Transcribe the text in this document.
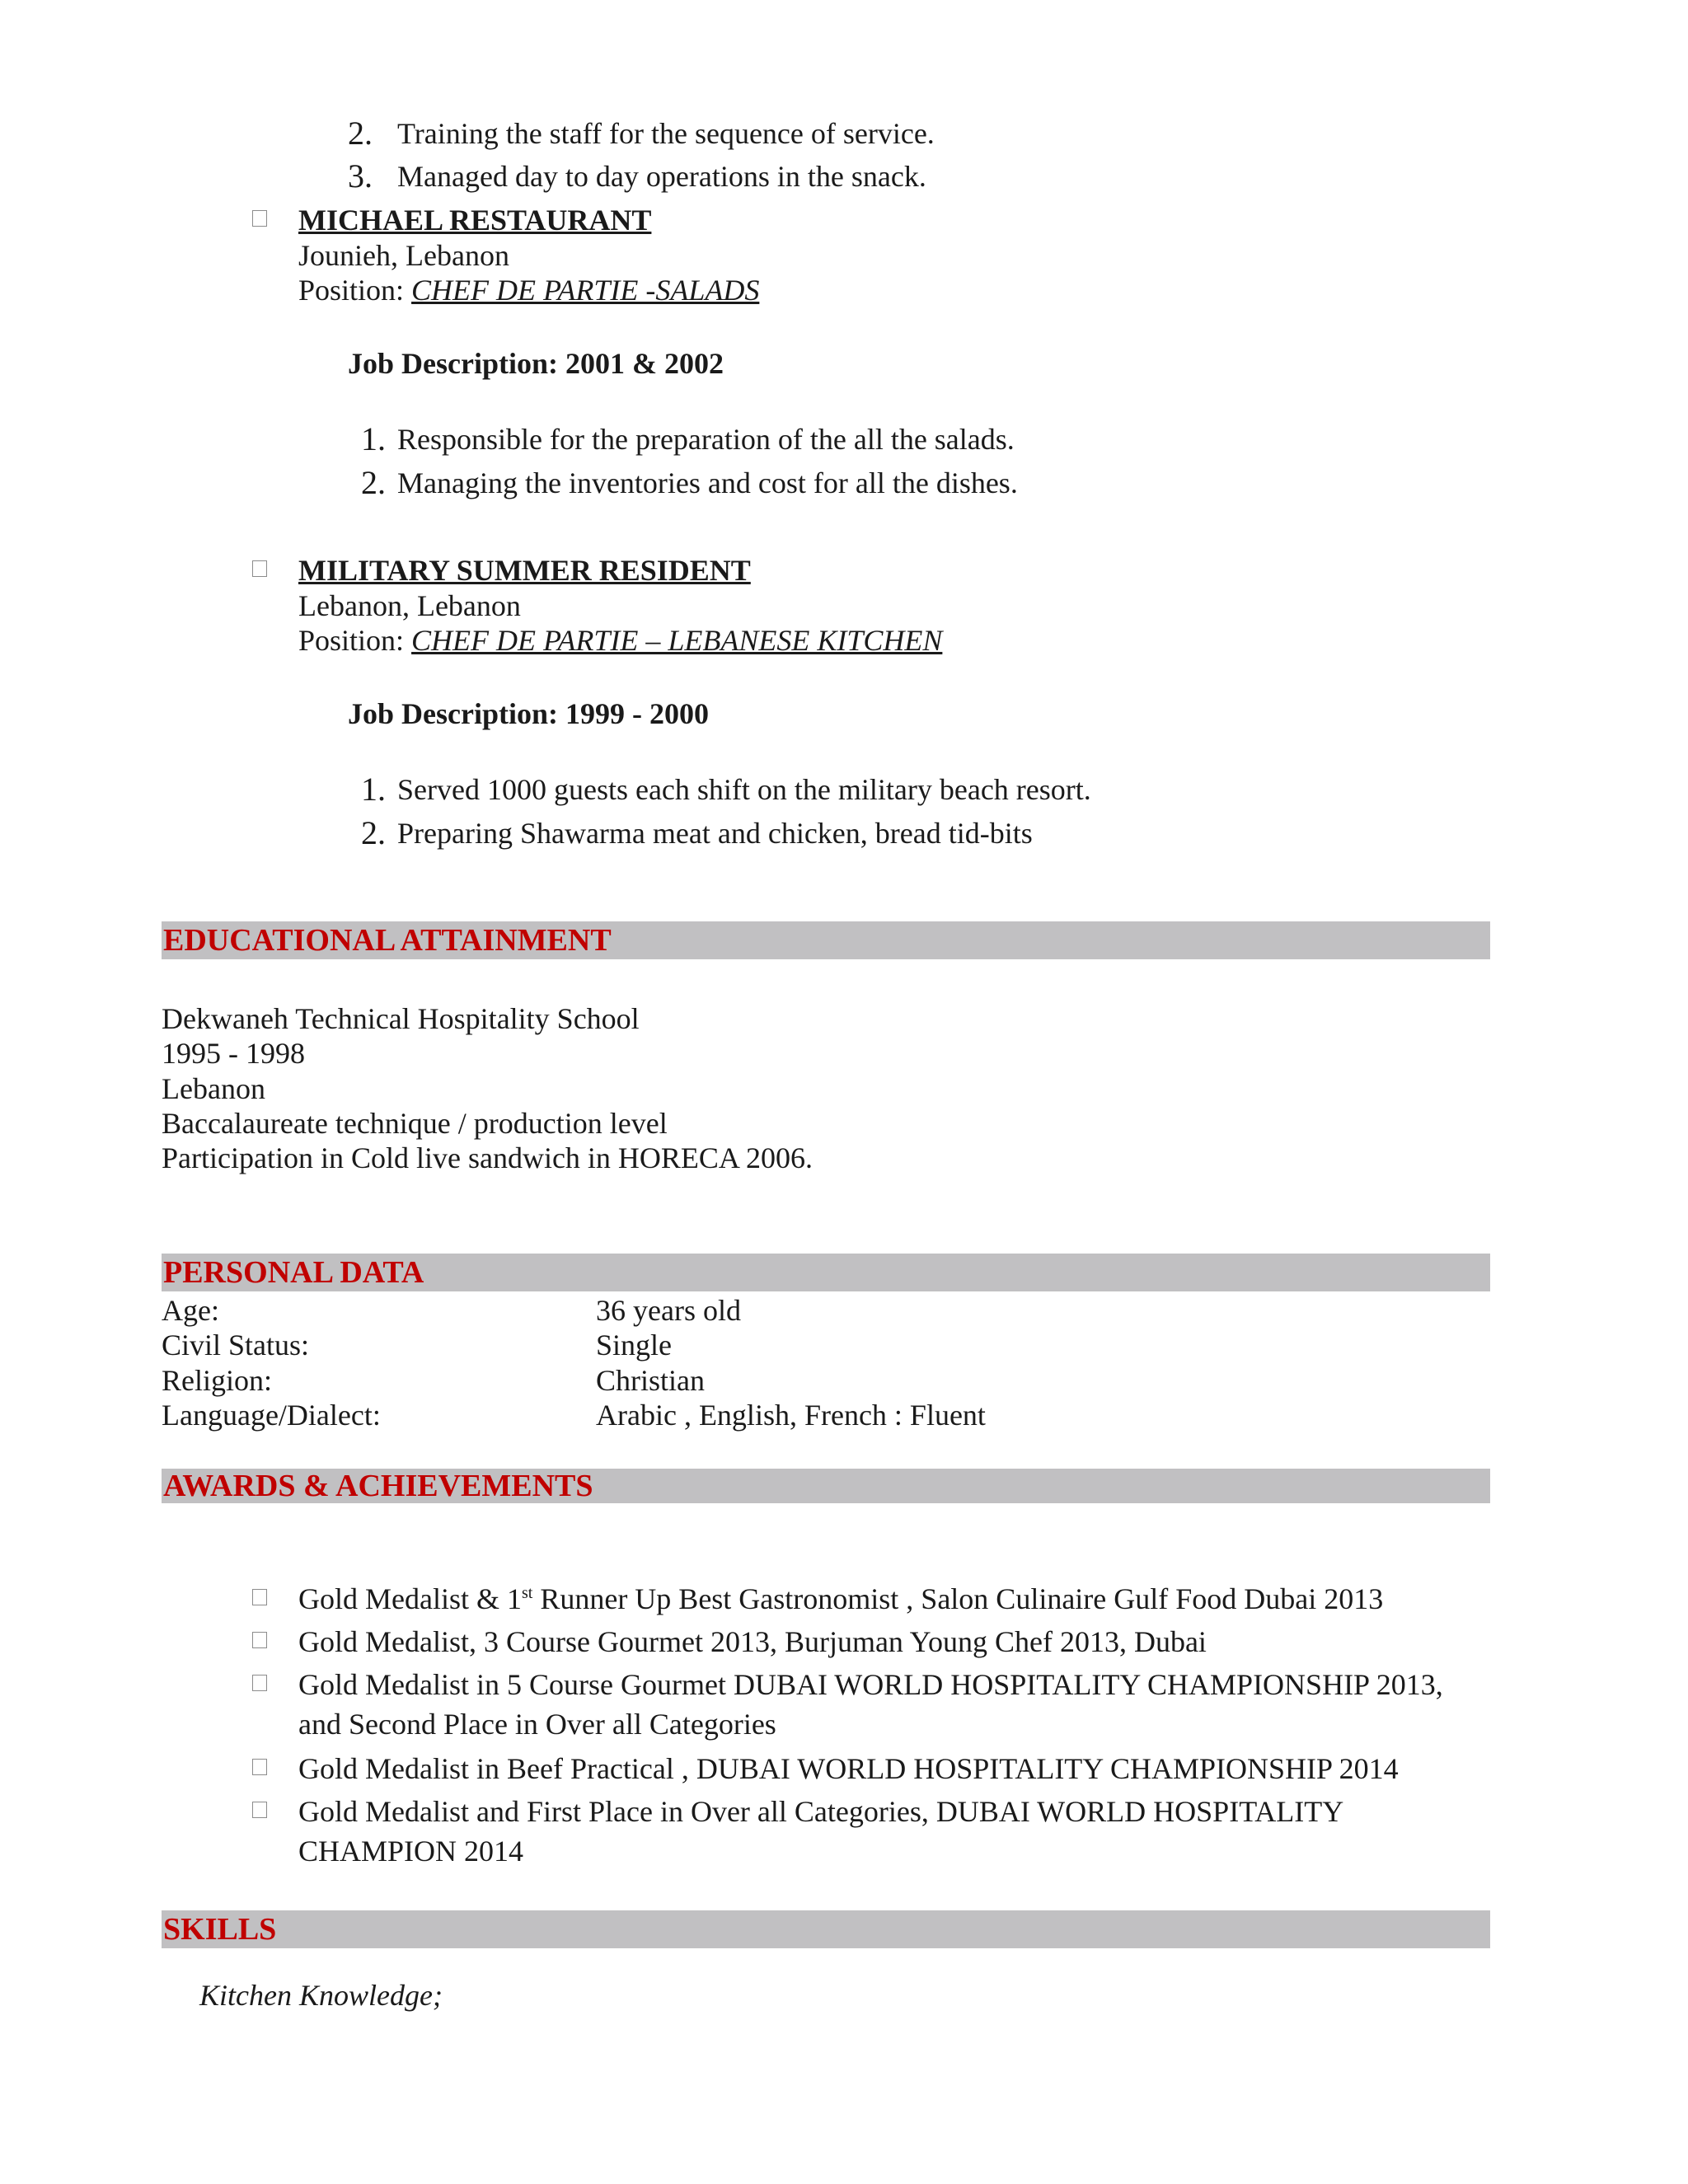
2. Training the staff for the sequence of service.
3. Managed day to day operations in the snack.
MICHAEL RESTAURANT
Jounieh, Lebanon
Position: CHEF DE PARTIE -SALADS
Job Description: 2001 & 2002
1. Responsible for the preparation of the all the salads.
2. Managing the inventories and cost for all the dishes.
MILITARY SUMMER RESIDENT
Lebanon, Lebanon
Position: CHEF DE PARTIE – LEBANESE KITCHEN
Job Description: 1999 - 2000
1. Served 1000 guests each shift on the military beach resort.
2. Preparing Shawarma meat and chicken, bread tid-bits
EDUCATIONAL ATTAINMENT
Dekwaneh Technical Hospitality School
1995 - 1998
Lebanon
Baccalaureate technique / production level
Participation in Cold live sandwich in HORECA 2006.
PERSONAL DATA
Age:	36 years old
Civil Status:	Single
Religion:	Christian
Language/Dialect:	Arabic , English, French : Fluent
AWARDS & ACHIEVEMENTS
Gold Medalist & 1st Runner Up Best Gastronomist , Salon Culinaire Gulf Food Dubai 2013
Gold Medalist, 3 Course Gourmet 2013, Burjuman Young Chef 2013, Dubai
Gold Medalist in 5 Course Gourmet DUBAI WORLD HOSPITALITY CHAMPIONSHIP 2013,
and Second Place in Over all Categories
Gold Medalist in Beef Practical , DUBAI WORLD HOSPITALITY CHAMPIONSHIP 2014
Gold Medalist and First Place in Over all Categories, DUBAI WORLD HOSPITALITY
CHAMPION 2014
SKILLS
Kitchen Knowledge;
